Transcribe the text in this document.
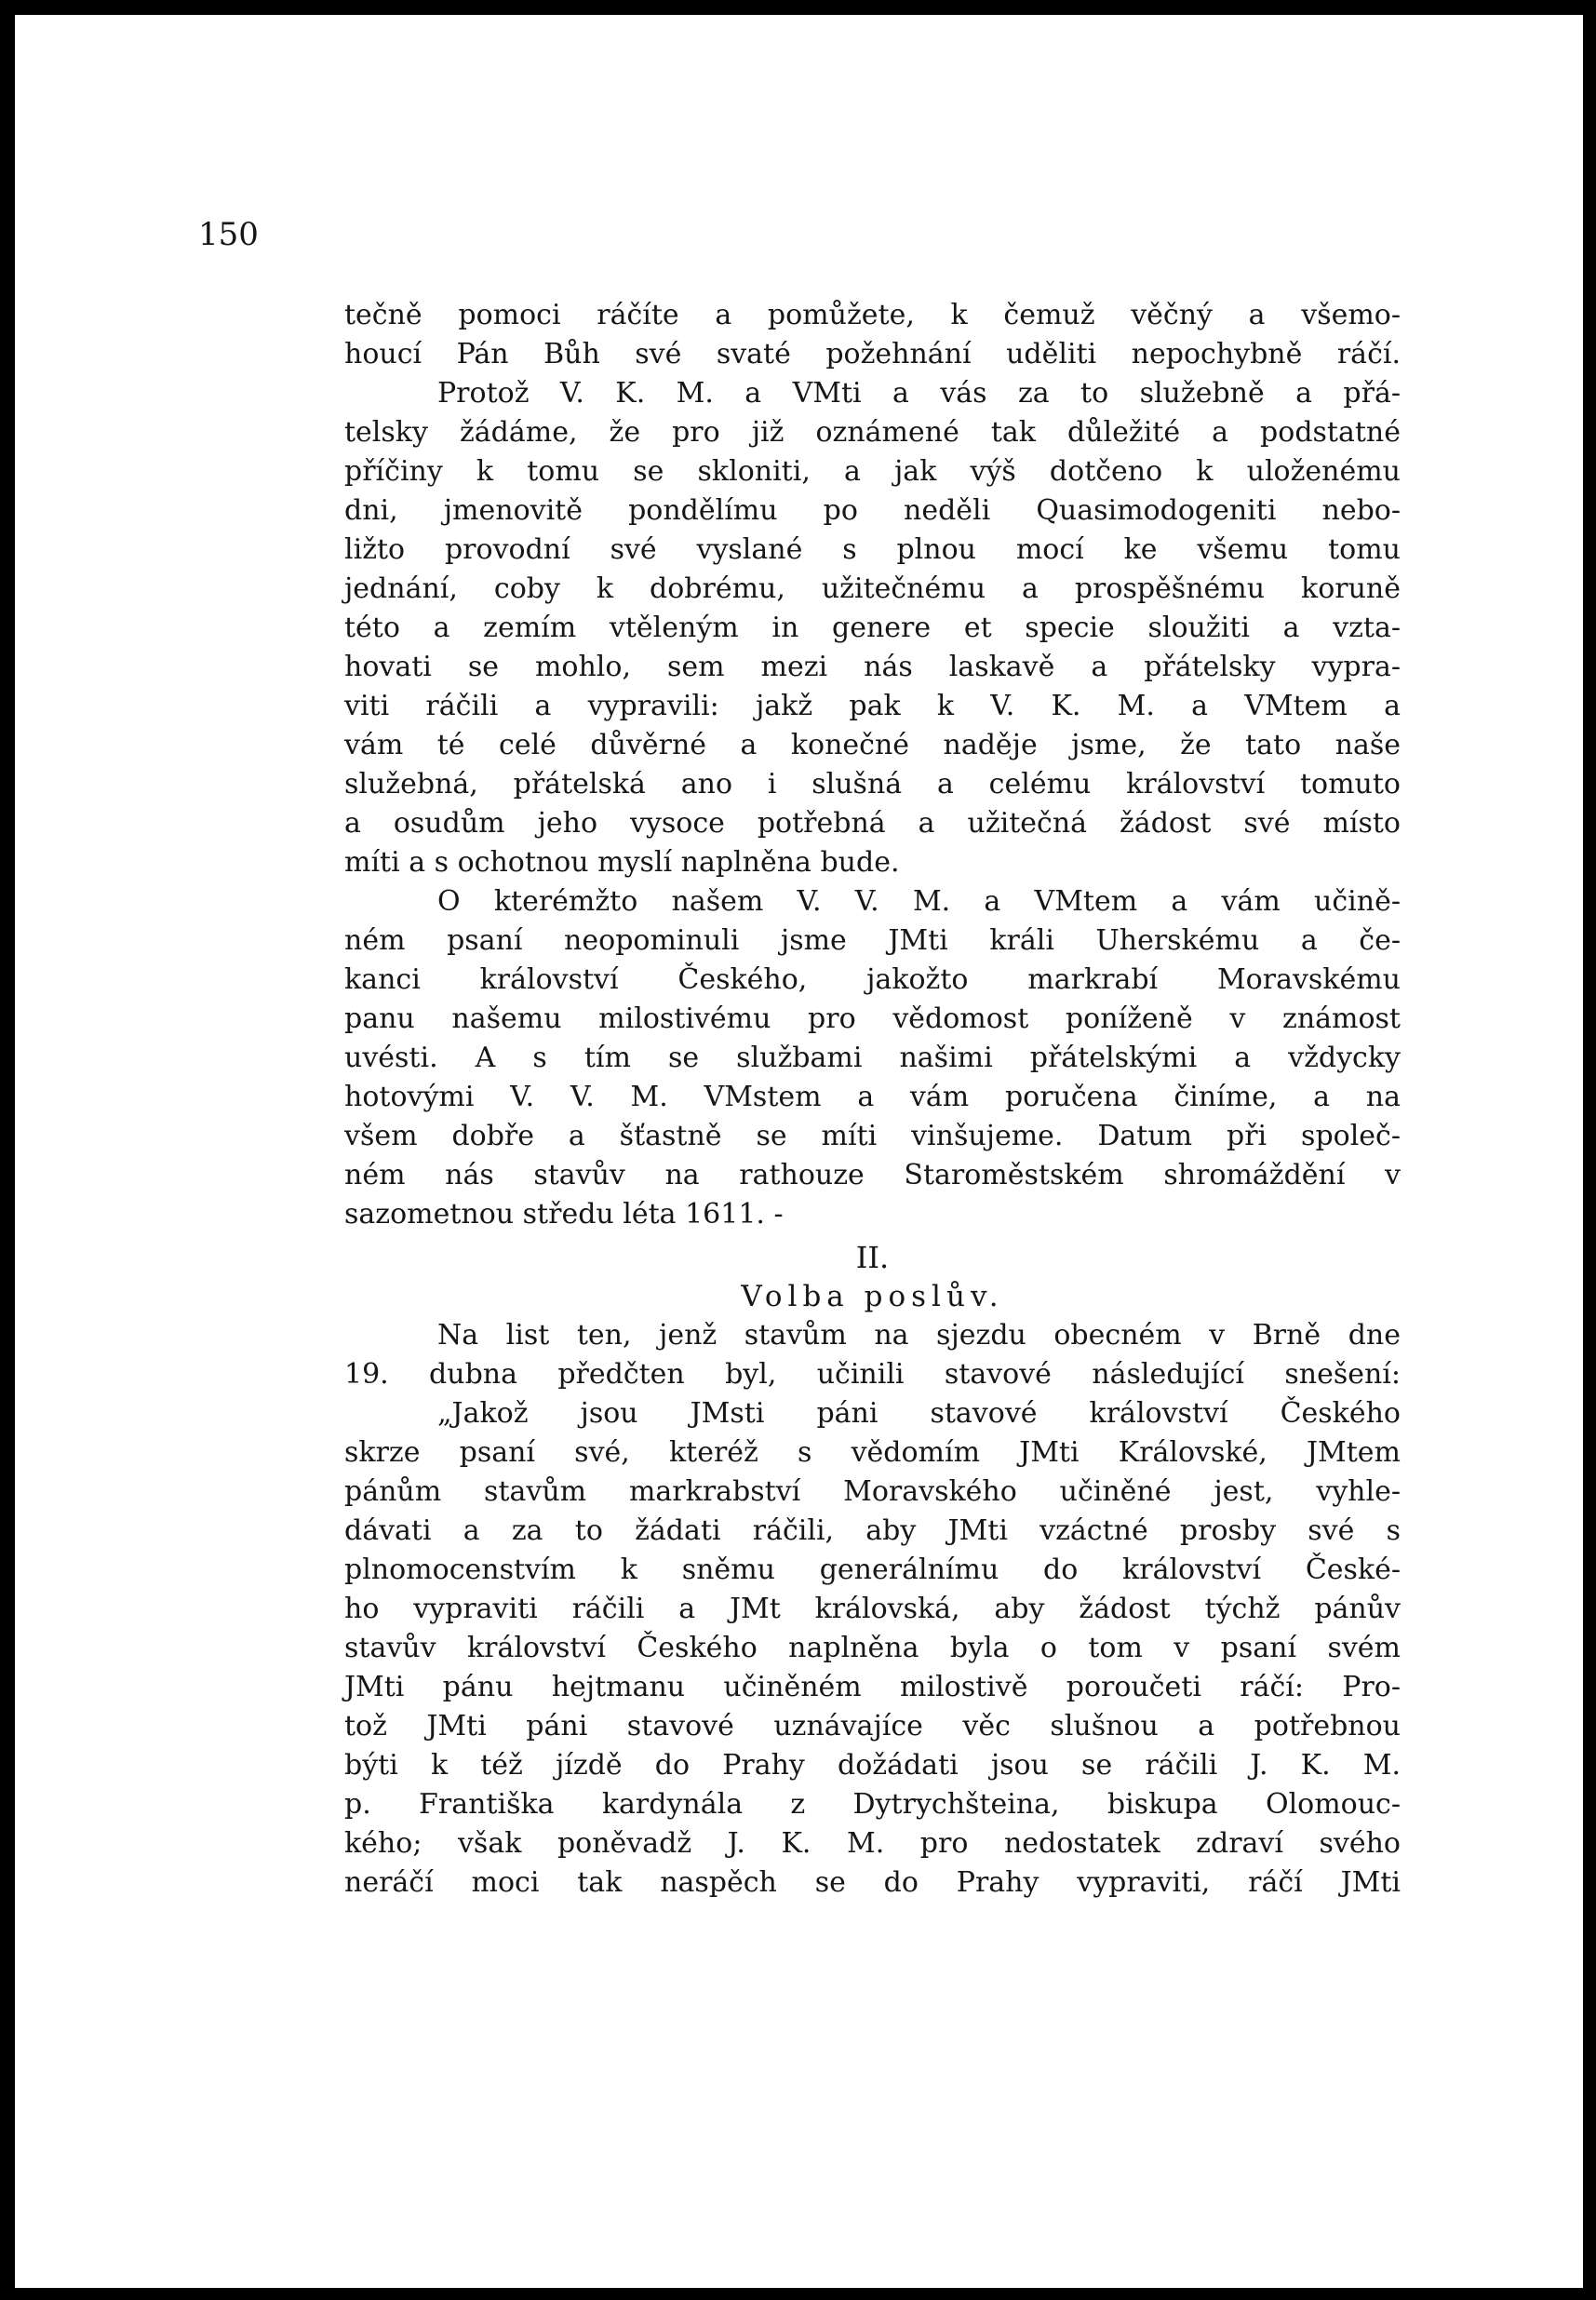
150

tečně pomoci ráčíte a pomůžete, k čemuž věčný a všemo-
houcí Pán Bůh své svaté požehnání uděliti nepochybně ráčí.
Protož V. K. M. a VMti a vás za to služebně a přá-
telsky žádáme, že pro již oznámené tak důležité a podstatné
příčiny k tomu se skloniti, a jak výš dotčeno k uloženému
dni, jmenovitě pondělímu po neděli Quasimodogeniti nebo-
ližto provodní své vyslané s plnou mocí ke všemu tomu
jednání, coby k dobrému, užitečnému a prospěšnému koruně
této a zemím vtěleným in genere et specie sloužiti a vzta-
hovati se mohlo, sem mezi nás laskavě a přátelsky vypra-
viti ráčili a vypravili: jakž pak k V. K. M. a VMtem a
vám té celé důvěrné a konečné naděje jsme, že tato naše
služebná, přátelská ano i slušná a celému království tomuto
a osudům jeho vysoce potřebná a užitečná žádost své místo
míti a s ochotnou myslí naplněna bude.
O kterémžto našem V. V. M. a VMtem a vám učině-
ném psaní neopominuli jsme JMti králi Uherskému a če-
kanci království Českého, jakožto markrabí Moravskému
panu našemu milostivému pro vědomost poníženě v známost
uvésti. A s tím se službami našimi přátelskými a vždycky
hotovými V. V. M. VMstem a vám poručena činíme, a na
všem dobře a šťastně se míti vinšujeme. Datum při společ-
ném nás stavův na rathouze Staroměstském shromáždění v
sazometnou středu léta 1611. -
II.
Volba poslův.
Na list ten, jenž stavům na sjezdu obecném v Brně dne
19. dubna předčten byl, učinili stavové následující snešení:
„Jakož jsou JMsti páni stavové království Českého
skrze psaní své, kteréž s vědomím JMti Královské, JMtem
pánům stavům markrabství Moravského učiněné jest, vyhle-
dávati a za to žádati ráčili, aby JMti vzáctné prosby své s
plnomocenstvím k sněmu generálnímu do království České-
ho vypraviti ráčili a JMt královská, aby žádost týchž pánův
stavův království Českého naplněna byla o tom v psaní svém
JMti pánu hejtmanu učiněném milostivě poroučeti ráčí: Pro-
tož JMti páni stavové uznávajíce věc slušnou a potřebnou
býti k též jízdě do Prahy dožádati jsou se ráčili J. K. M.
p. Františka kardynála z Dytrychšteina, biskupa Olomouc-
kého; však poněvadž J. K. M. pro nedostatek zdraví svého
neráčí moci tak naspěch se do Prahy vypraviti, ráčí JMti
